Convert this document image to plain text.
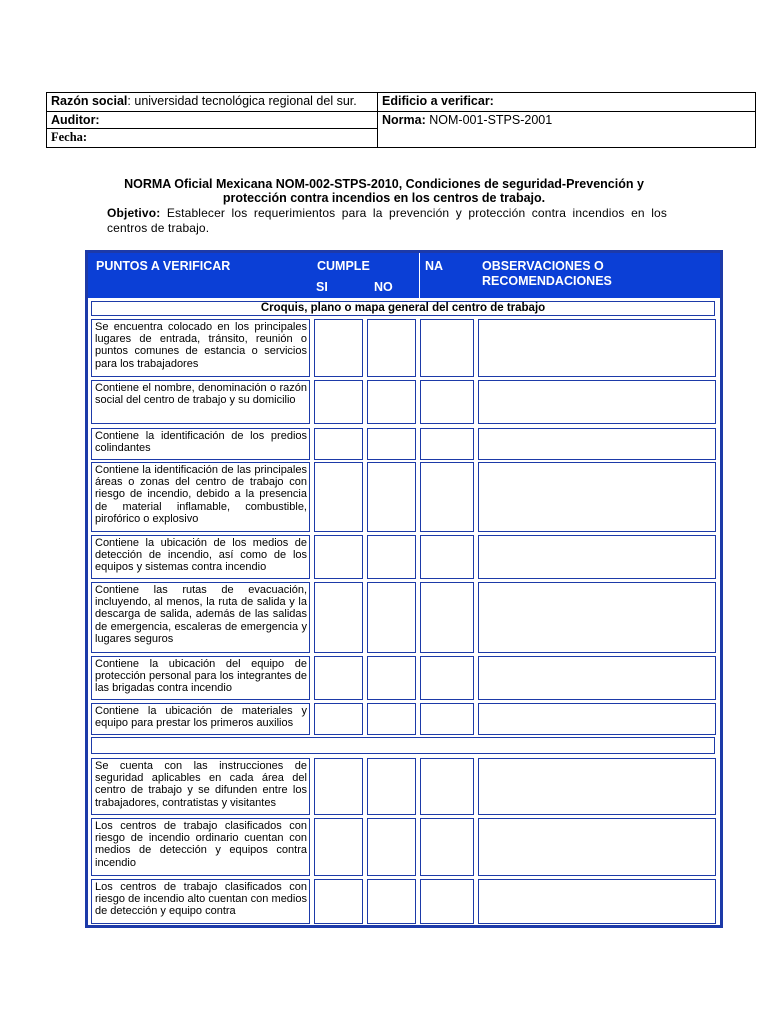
Razón social: universidad tecnológica regional del sur.	Edificio a verificar:
Auditor:	Norma: NOM-001-STPS-2001
Fecha:	
NORMA Oficial Mexicana NOM-002-STPS-2010, Condiciones de seguridad-Prevención y protección contra incendios en los centros de trabajo.
Objetivo: Establecer los requerimientos para la prevención y protección contra incendios en los centros de trabajo.
PUNTOS A VERIFICAR	CUMPLE
SI	NO
NA	OBSERVACIONES O RECOMENDACIONES
Croquis, plano o mapa general del centro de trabajo
Se encuentra colocado en los principales lugares de entrada, tránsito, reunión o puntos comunes de estancia o servicios para los trabajadores
Contiene el nombre, denominación o razón social del centro de trabajo y su domicilio
Contiene la identificación de los predios colindantes
Contiene la identificación de las principales áreas o zonas del centro de trabajo con riesgo de incendio, debido a la presencia de material inflamable, combustible, pirofórico o explosivo
Contiene la ubicación de los medios de detección de incendio, así como de los equipos y sistemas contra incendio
Contiene las rutas de evacuación, incluyendo, al menos, la ruta de salida y la descarga de salida, además de las salidas de emergencia, escaleras de emergencia y lugares seguros
Contiene la ubicación del equipo de protección personal para los integrantes de las brigadas contra incendio
Contiene la ubicación de materiales y equipo para prestar los primeros auxilios
Se cuenta con las instrucciones de seguridad aplicables en cada área del centro de trabajo y se difunden entre los trabajadores, contratistas y visitantes
Los centros de trabajo clasificados con riesgo de incendio ordinario cuentan con medios de detección y equipos contra incendio
Los centros de trabajo clasificados con riesgo de incendio alto cuentan con medios de detección y equipo contra
